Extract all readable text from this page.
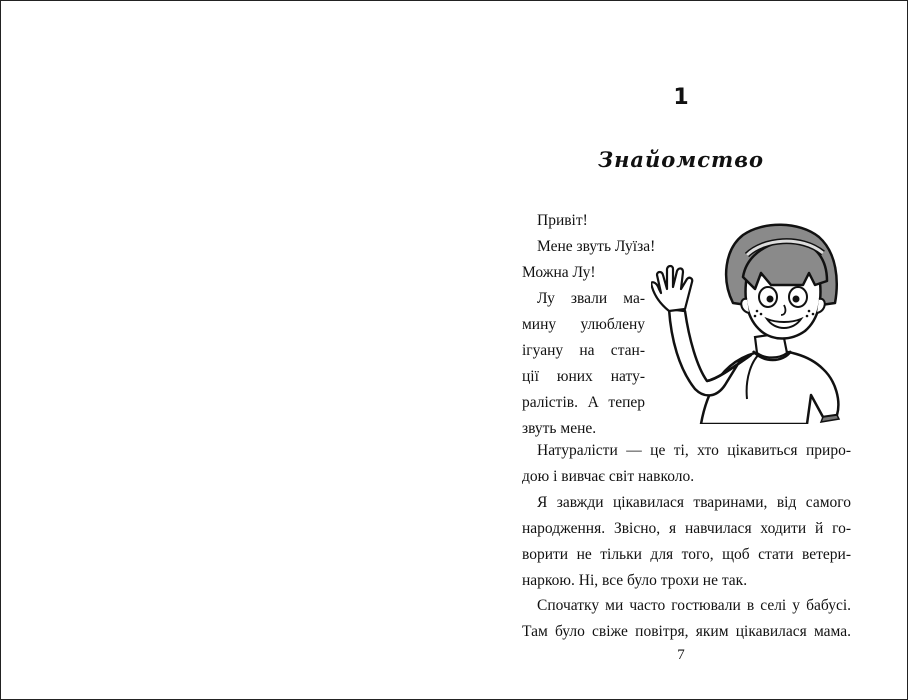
1
Знайомство
Привіт!
Мене звуть Луїза!
Можна Лу!
Лу звали ма-
мину улюблену
ігуану на стан-
ції юних нату-
ралістів. А тепер
звуть мене.
Натуралісти — це ті, хто цікавиться приро-
дою і вивчає світ навколо.
Я завжди цікавилася тваринами, від самого
народження. Звісно, я навчилася ходити й го-
ворити не тільки для того, щоб стати ветери-
наркою. Ні, все було трохи не так.
Спочатку ми часто гостювали в селі у бабусі.
Там було свіже повітря, яким цікавилася мама.
7
